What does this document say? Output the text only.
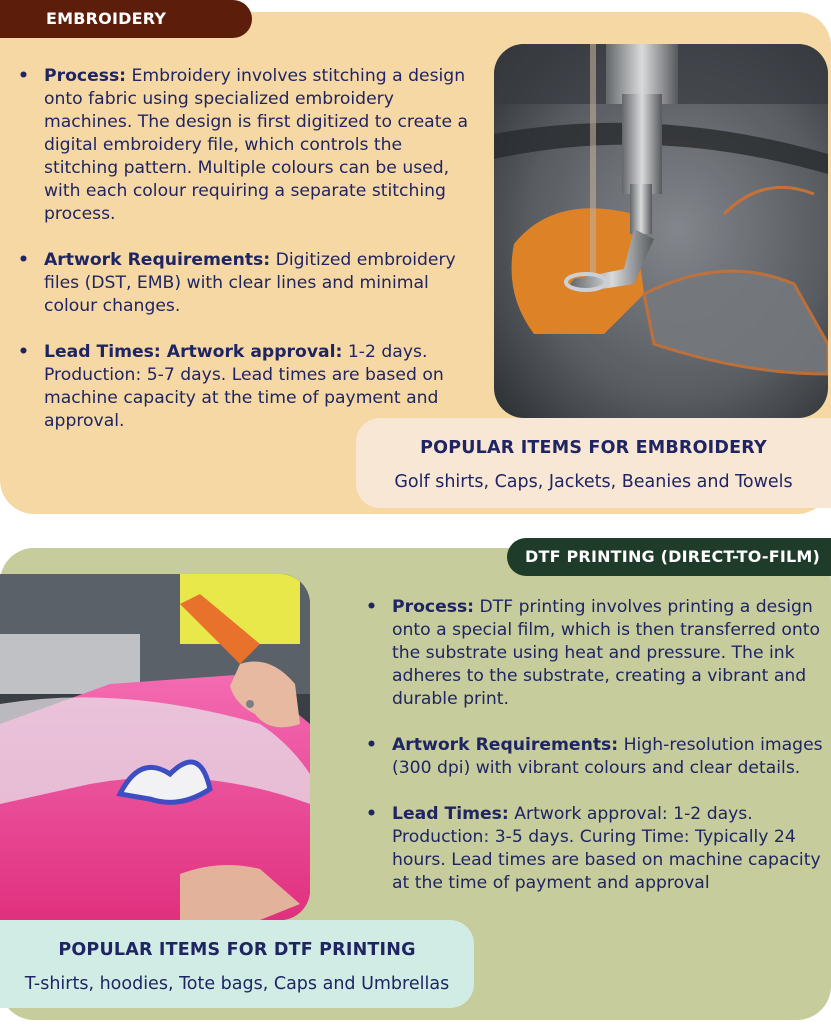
EMBROIDERY
• Process: Embroidery involves stitching a design onto fabric using specialized embroidery machines. The design is first digitized to create a digital embroidery file, which controls the stitching pattern. Multiple colours can be used, with each colour requiring a separate stitching process.
• Artwork Requirements: Digitized embroidery files (DST, EMB) with clear lines and minimal colour changes.
• Lead Times: Artwork approval: 1-2 days. Production: 5-7 days. Lead times are based on machine capacity at the time of payment and approval.
POPULAR ITEMS FOR EMBROIDERY
Golf shirts, Caps, Jackets, Beanies and Towels
DTF PRINTING (DIRECT-TO-FILM)
• Process: DTF printing involves printing a design onto a special film, which is then transferred onto the substrate using heat and pressure. The ink adheres to the substrate, creating a vibrant and durable print.
• Artwork Requirements: High-resolution images (300 dpi) with vibrant colours and clear details.
• Lead Times: Artwork approval: 1-2 days. Production: 3-5 days. Curing Time: Typically 24 hours. Lead times are based on machine capacity at the time of payment and approval
POPULAR ITEMS FOR DTF PRINTING
T-shirts, hoodies, Tote bags, Caps and Umbrellas
